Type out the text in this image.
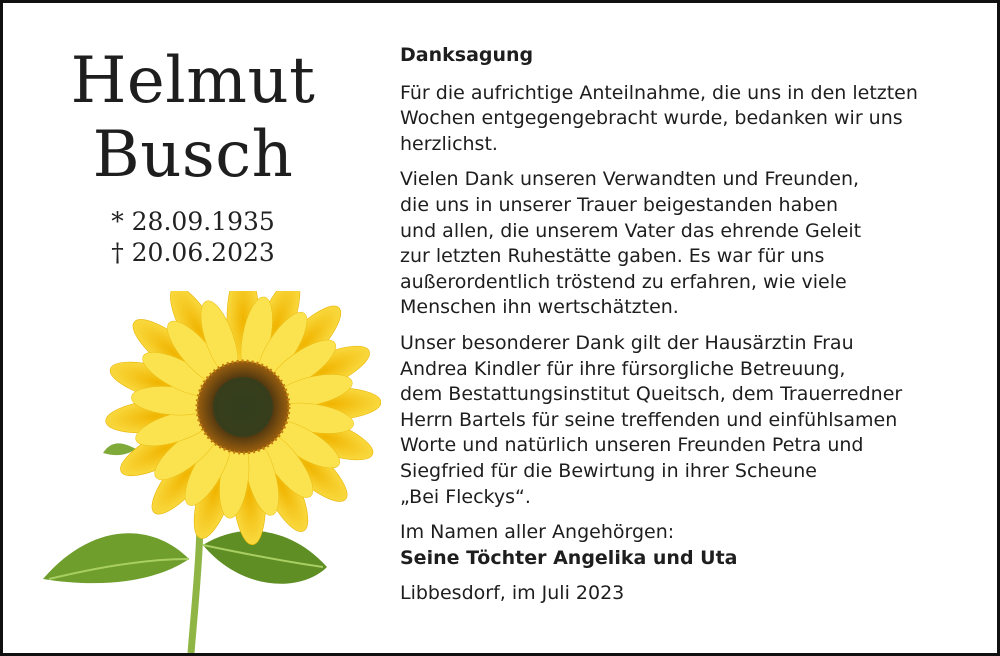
Helmut
Busch
* 28.09.1935
† 20.06.2023

Danksagung

Für die aufrichtige Anteilnahme, die uns in den letzten
Wochen entgegengebracht wurde, bedanken wir uns
herzlichst.

Vielen Dank unseren Verwandten und Freunden,
die uns in unserer Trauer beigestanden haben
und allen, die unserem Vater das ehrende Geleit
zur letzten Ruhestätte gaben. Es war für uns
außerordentlich tröstend zu erfahren, wie viele
Menschen ihn wertschätzten.

Unser besonderer Dank gilt der Hausärztin Frau
Andrea Kindler für ihre fürsorgliche Betreuung,
dem Bestattungsinstitut Queitsch, dem Trauerredner
Herrn Bartels für seine treffenden und einfühlsamen
Worte und natürlich unseren Freunden Petra und
Siegfried für die Bewirtung in ihrer Scheune
„Bei Fleckys“.

Im Namen aller Angehörgen:
Seine Töchter Angelika und Uta

Libbesdorf, im Juli 2023
